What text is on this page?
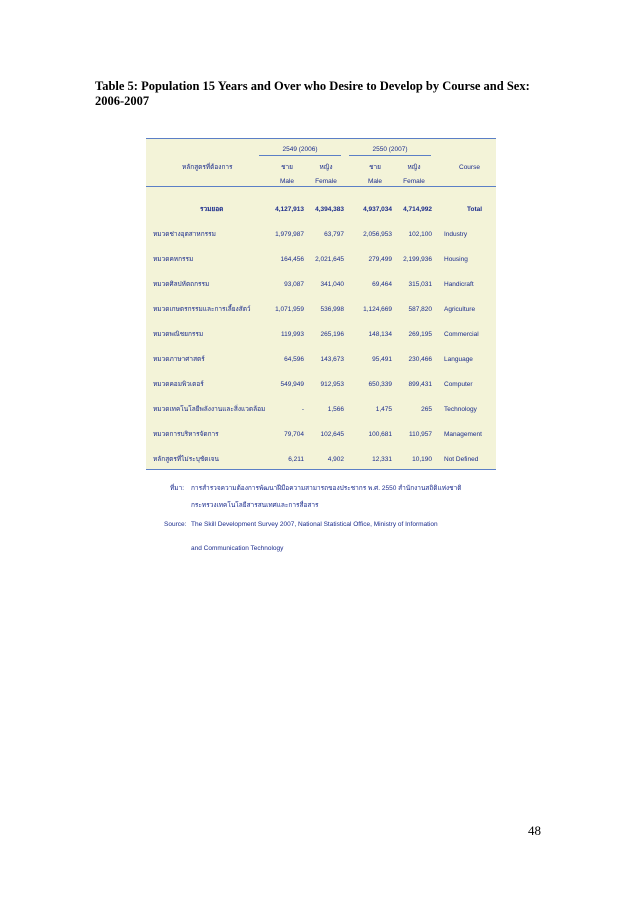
Table 5: Population 15 Years and Over who Desire to Develop by Course and Sex: 2006-2007
หลักสูตรที่ต้องการ
2549 (2006)	2550 (2007)
ชาย	หญิง	ชาย	หญิง
Male	Female	Male	Female
Course
รวมยอด	4,127,913	4,394,383	4,937,034	4,714,992	Total
หมวดช่างอุตสาหกรรม	1,979,987	63,797	2,056,953	102,100 Industry
หมวดคหกรรม	164,456	2,021,645	279,499	2,199,936 Housing
หมวดศิลปหัตถกรรม	93,087	341,040	69,464	315,031 Handicraft
หมวดเกษตรกรรมและการเลี้ยงสัตว์	1,071,959	536,998	1,124,669	587,820 Agriculture
หมวดพณิชยกรรม	119,993	265,196	148,134	269,195 Commercial
หมวดภาษาศาสตร์	64,596	143,673	95,491	230,466 Language
หมวดคอมพิวเตอร์	549,949	912,953	650,339	899,431 Computer
หมวดเทคโนโลยีพลังงานและสิ่งแวดล้อม	-	1,566	1,475	265 Technology
หมวดการบริหารจัดการ	79,704	102,645	100,681	110,957 Management
หลักสูตรที่ไม่ระบุชัดเจน	6,211	4,902	12,331	10,190 Not Defined
ที่มา: การสำรวจความต้องการพัฒนาฝีมือความสามารถของประชากร พ.ศ. 2550 สำนักงานสถิติแห่งชาติ
กระทรวงเทคโนโลยีสารสนเทศและการสื่อสาร
Source: The Skill Development Survey 2007, National Statistical Office, Ministry of Information
and Communication Technology
48
